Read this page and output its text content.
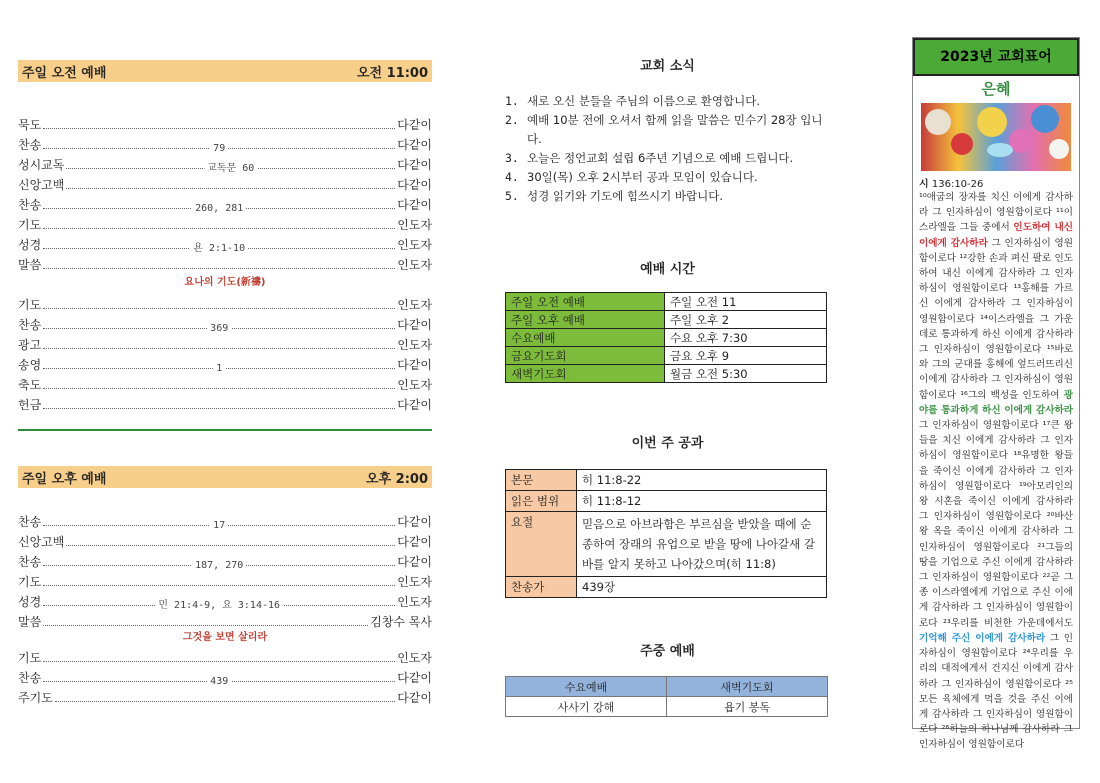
주일 오전 예배	오전 11:00
묵도	다같이
찬송	79	다같이
성시교독	교독문 60	다같이
신앙고백	다같이
찬송	260, 281	다같이
기도	인도자
성경	욘 2:1-10	인도자
말씀	인도자
요나의 기도(新禱)
기도	인도자
찬송	369	다같이
광고	인도자
송영	1	다같이
축도	인도자
헌금	다같이
주일 오후 예배	오후 2:00
찬송	17	다같이
신앙고백	다같이
찬송	187, 270	다같이
기도	인도자
성경	민 21:4-9, 요 3:14-16	인도자
말씀	김창수 목사
그것을 보면 살리라
기도	인도자
찬송	439	다같이
주기도	다같이
교회 소식
1. 새로 오신 분들을 주님의 이름으로 환영합니다.
2. 예배 10분 전에 오셔서 함께 읽을 말씀은 민수기 28장 입니다.
3. 오늘은 정언교회 설립 6주년 기념으로 예배 드립니다.
4. 30일(목) 오후 2시부터 공과 모임이 있습니다.
5. 성경 읽기와 기도에 힘쓰시기 바랍니다.
예배 시간
주일 오전 예배	주일 오전 11
주일 오후 예배	주일 오후 2
수요예배	수요 오후 7:30
금요기도회	금요 오후 9
새벽기도회	월금 오전 5:30
이번 주 공과
본문	히 11:8-22
읽은 범위	히 11:8-12
요절	믿음으로 아브라함은 부르심을 받았을 때에 순종하여 장래의 유업으로 받을 땅에 나아갈새 갈 바를 알지 못하고 나아갔으며(히 11:8)
찬송가	439장
주중 예배
수요예배	새벽기도회
사사기 강해	욥기 봉독
2023년 교회표어
은혜
시 136:10-26
¹⁰애굽의 장자를 치신 이에게 감사하라 그 인자하심이 영원함이로다 ¹¹이스라엘을 그들 중에서 인도하여 내신 이에게 감사하라 그 인자하심이 영원함이로다 ¹²강한 손과 펴신 팔로 인도하여 내신 이에게 감사하라 그 인자하심이 영원함이로다 ¹³홍해를 가르신 이에게 감사하라 그 인자하심이 영원함이로다 ¹⁴이스라엘을 그 가운데로 통과하게 하신 이에게 감사하라 그 인자하심이 영원함이로다 ¹⁵바로와 그의 군대를 홍해에 엎드러뜨리신 이에게 감사하라 그 인자하심이 영원함이로다 ¹⁶그의 백성을 인도하여 광야를 통과하게 하신 이에게 감사하라 그 인자하심이 영원함이로다 ¹⁷큰 왕들을 치신 이에게 감사하라 그 인자하심이 영원함이로다 ¹⁸유명한 왕들을 죽이신 이에게 감사하라 그 인자하심이 영원함이로다 ¹⁹아모리인의 왕 시혼을 죽이신 이에게 감사하라 그 인자하심이 영원함이로다 ²⁰바산 왕 옥을 죽이신 이에게 감사하라 그 인자하심이 영원함이로다 ²¹그들의 땅을 기업으로 주신 이에게 감사하라 그 인자하심이 영원함이로다 ²²곧 그 종 이스라엘에게 기업으로 주신 이에게 감사하라 그 인자하심이 영원함이로다 ²³우리를 비천한 가운데에서도 기억해 주신 이에게 감사하라 그 인자하심이 영원함이로다 ²⁴우리를 우리의 대적에게서 건지신 이에게 감사하라 그 인자하심이 영원함이로다 ²⁵모든 육체에게 먹을 것을 주신 이에게 감사하라 그 인자하심이 영원함이로다 ²⁶하늘의 하나님께 감사하라 그 인자하심이 영원함이로다
